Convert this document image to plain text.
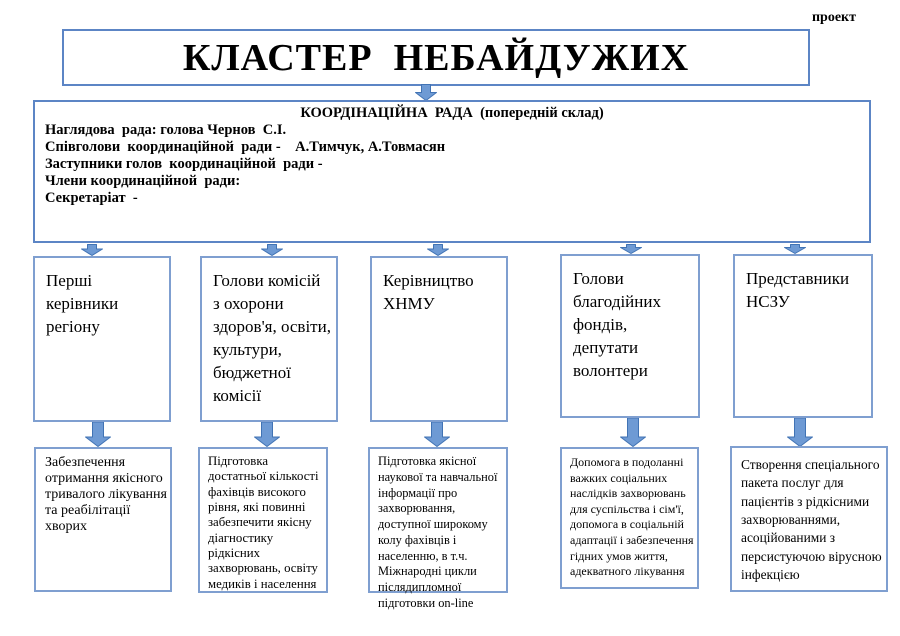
проект
КЛАСТЕР  НЕБАЙДУЖИХ
КООРДІНАЦІЙНА  РАДА  (попередній склад)
Наглядова  рада: голова Чернов  С.І.
Співголови  координаційной  ради -    А.Тимчук, А.Товмасян
Заступники голов  координаційной  ради -
Члени координаційной  ради:
Секретаріат  -
Перші керівники регіону
Голови комісій з охорони здоров'я, освіти, культури, бюджетної комісії
Керівництво ХНМУ
Голови благодійних фондів, депутати волонтери
Представники НСЗУ
Забезпечення отримання якісного тривалого лікування та реабілітації хворих
Підготовка достатньої кількості фахівців високого рівня, які повинні забезпечити якісну діагностику рідкісних захворювань, освіту медиків і населення
Підготовка якісної наукової та навчальної інформації про захворювання, доступної широкому колу фахівців і населенню, в т.ч. Міжнародні цикли післядипломної підготовки on-line
Допомога в подоланні важких соціальних наслідків захворювань для суспільства і сім'ї, допомога в соціальній адаптації і забезпечення гідних умов життя, адекватного лікування
Створення спеціального пакета послуг для пацієнтів з рідкісними захворюваннями, асоційованими з персистуючою вірусною інфекцією
